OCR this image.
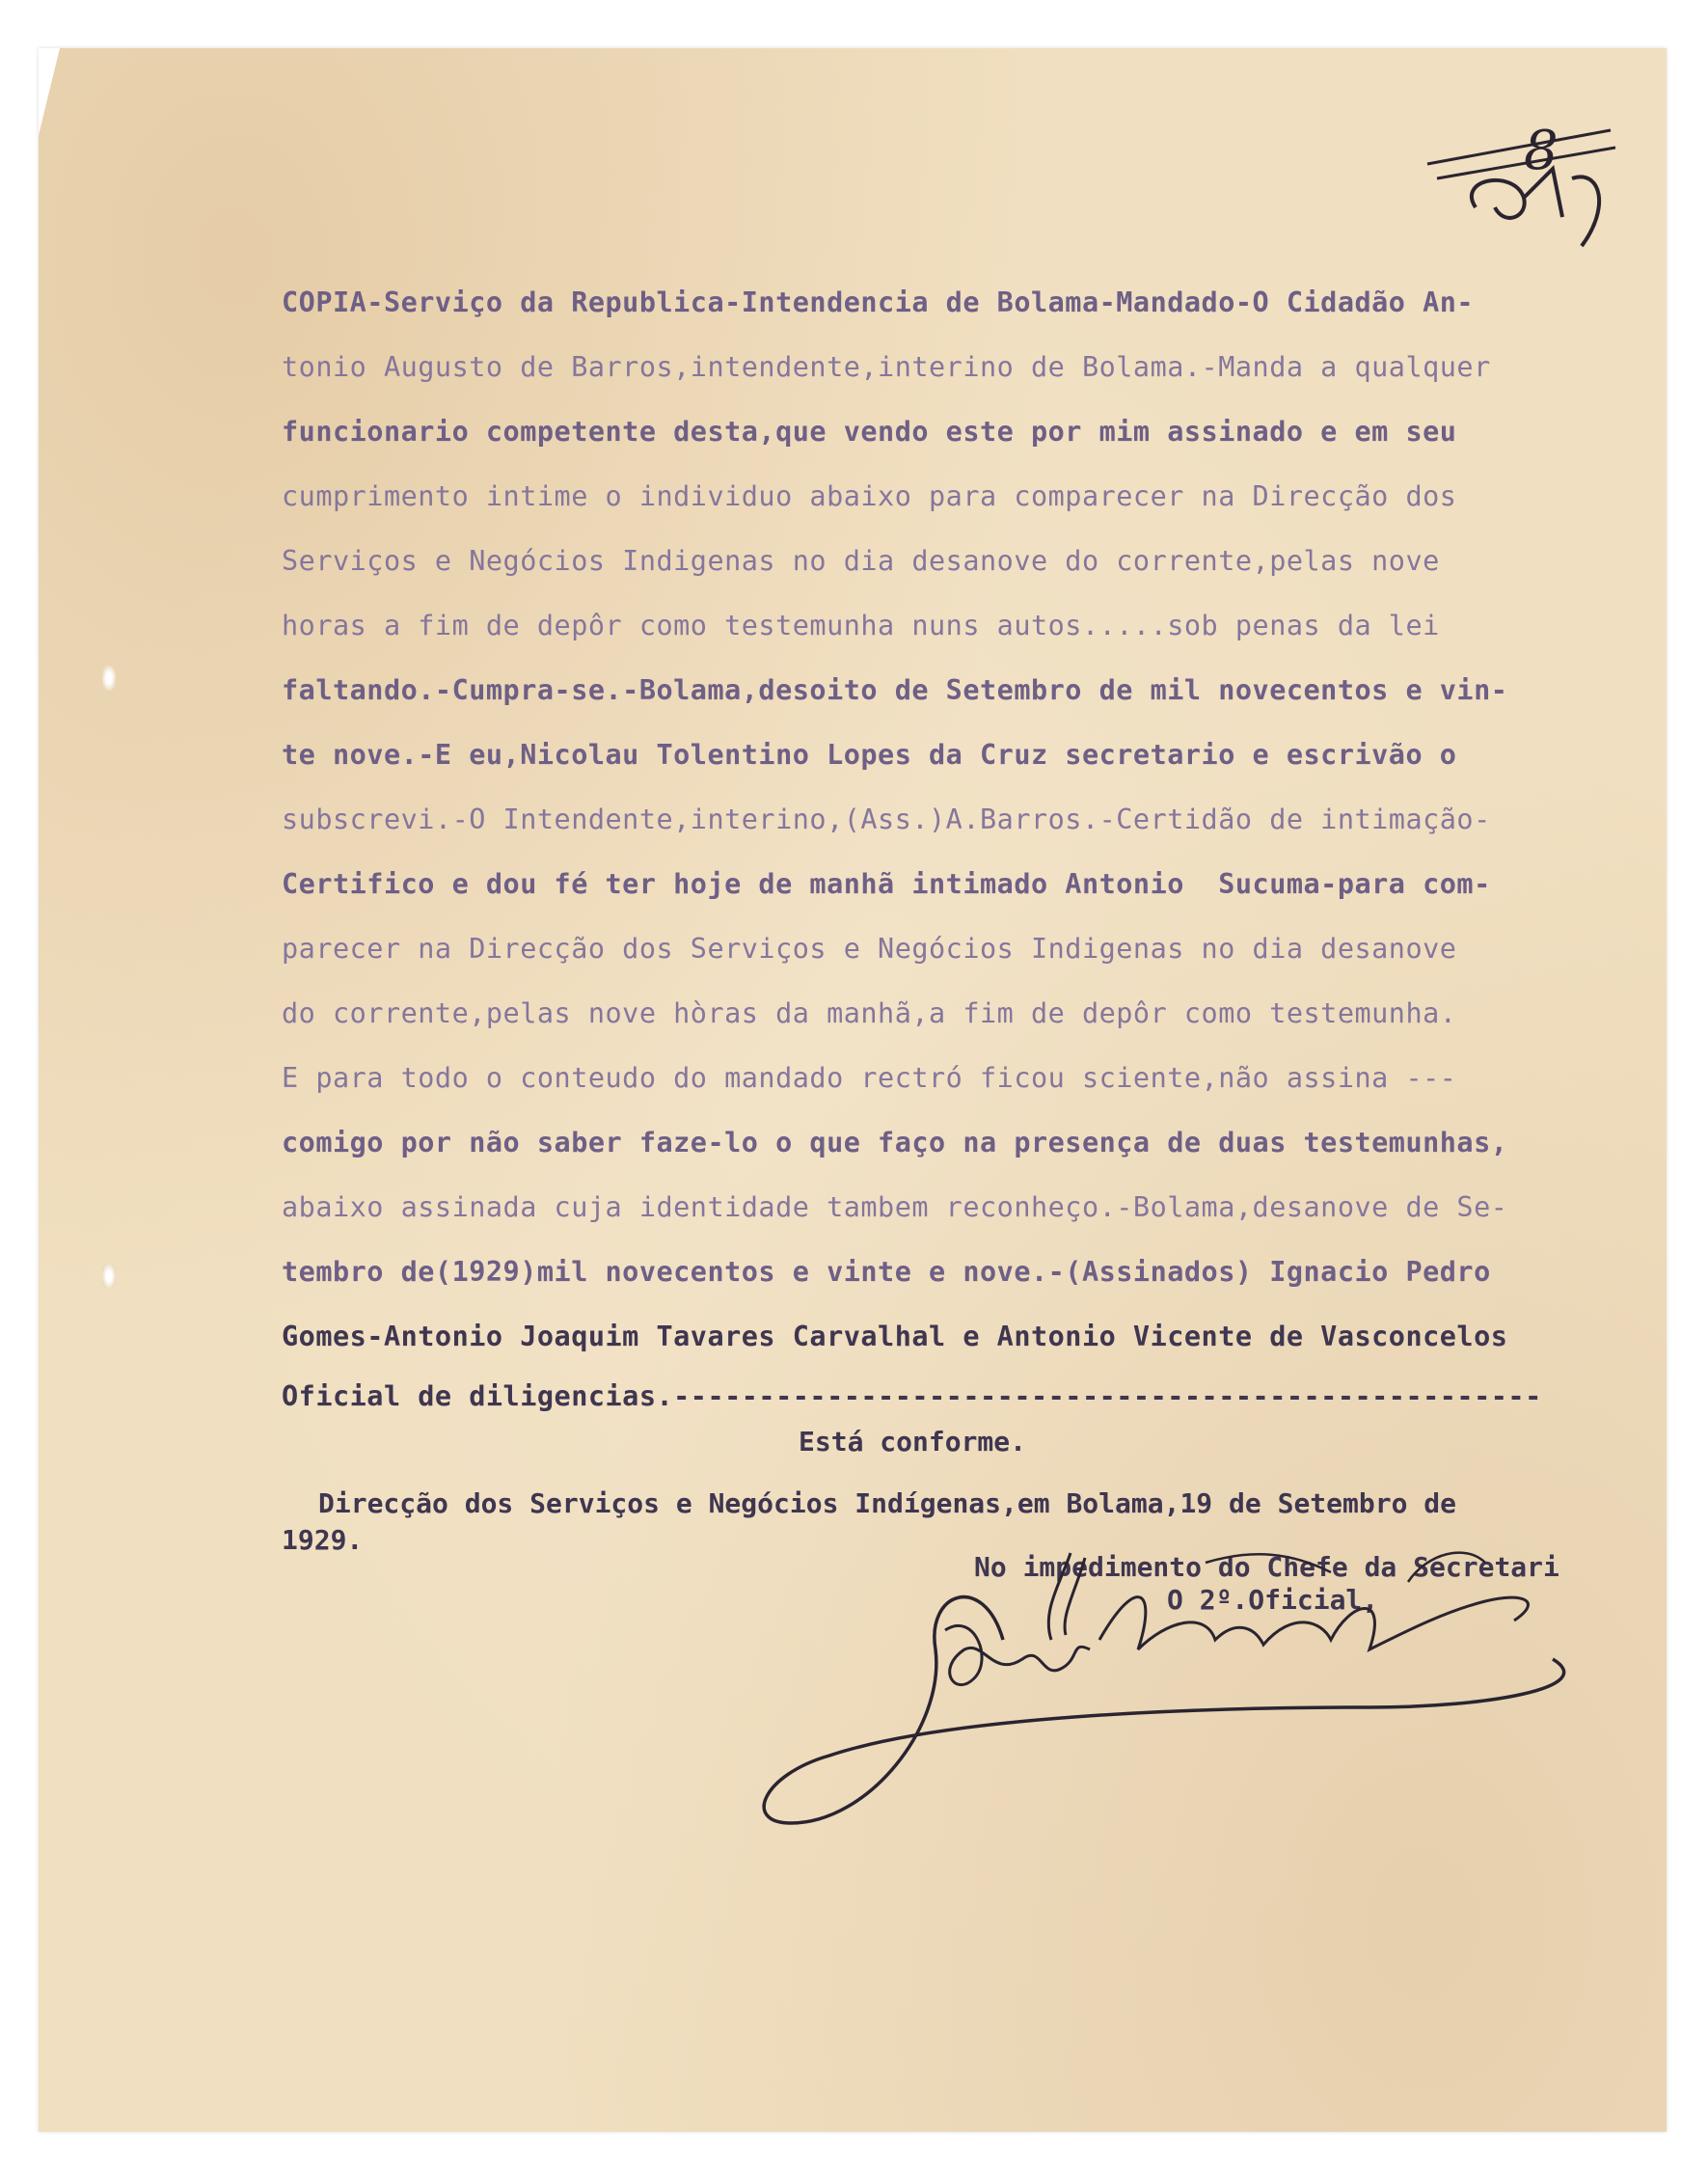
8
COPIA-Serviço da Republica-Intendencia de Bolama-Mandado-O Cidadão An-
tonio Augusto de Barros,intendente,interino de Bolama.-Manda a qualquer
funcionario competente desta,que vendo este por mim assinado e em seu
cumprimento intime o individuo abaixo para comparecer na Direcção dos
Serviços e Negócios Indigenas no dia desanove do corrente,pelas nove
horas a fim de depôr como testemunha nuns autos.....sob penas da lei
faltando.-Cumpra-se.-Bolama,desoito de Setembro de mil novecentos e vin-
te nove.-E eu,Nicolau Tolentino Lopes da Cruz secretario e escrivão o
subscrevi.-O Intendente,interino,(Ass.)A.Barros.-Certidão de intimação-
Certifico e dou fé ter hoje de manhã intimado Antonio  Sucuma-para com-
parecer na Direcção dos Serviços e Negócios Indigenas no dia desanove
do corrente,pelas nove hòras da manhã,a fim de depôr como testemunha.
E para todo o conteudo do mandado rectró ficou sciente,não assina ---
comigo por não saber faze-lo o que faço na presença de duas testemunhas,
abaixo assinada cuja identidade tambem reconheço.-Bolama,desanove de Se-
tembro de(1929)mil novecentos e vinte e nove.-(Assinados) Ignacio Pedro
Gomes-Antonio Joaquim Tavares Carvalhal e Antonio Vicente de Vasconcelos
Oficial de diligencias.---------------------------------------------------
Está conforme.
Direcção dos Serviços e Negócios Indígenas,em Bolama,19 de Setembro de
1929.
No impedimento do Chefe da Secretari
O 2º.Oficial,
